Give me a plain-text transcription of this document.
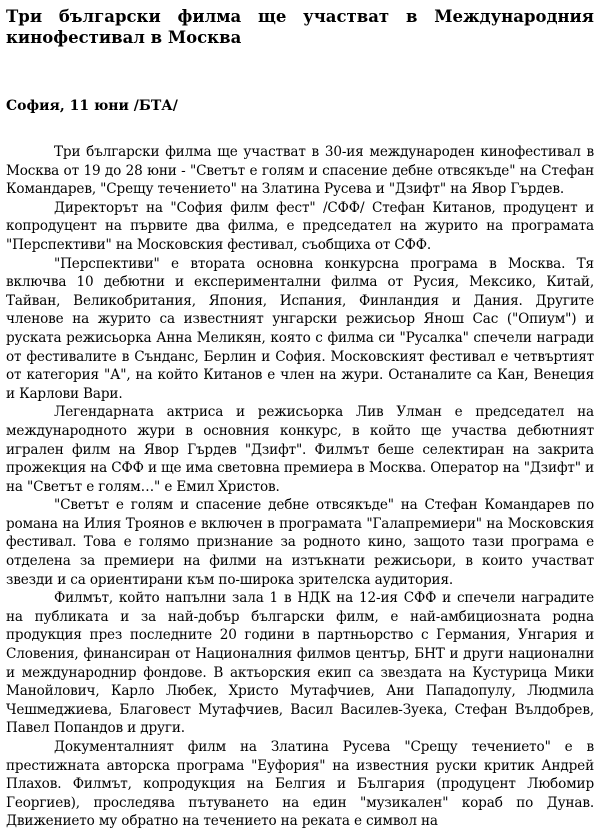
Три български филма ще участват в Международния кинофестивал в Москва
София, 11 юни /БТА/

Три български филма ще участват в 30-ия международен кинофестивал в Москва от 19 до 28 юни - "Светът е голям и спасение дебне отвсякъде" на Стефан Командарев, "Срещу течението" на Златина Русева и "Дзифт" на Явор Гърдев.

Директорът на "София филм фест" /СФФ/ Стефан Китанов, продуцент и копродуцент на първите два филма, е председател на журито на програмата "Перспективи" на Московския фестивал, съобщиха от СФФ.

"Перспективи" е втората основна конкурсна програма в Москва. Тя включва 10 дебютни и експериментални филма от Русия, Мексико, Китай, Тайван, Великобритания, Япония, Испания, Финландия и Дания. Другите членове на журито са известният унгарски режисьор Янош Сас ("Опиум") и руската режисьорка Анна Меликян, която с филма си "Русалка" спечели награди от фестивалите в Сънданс, Берлин и София. Московският фестивал е четвъртият от категория "А", на който Китанов е член на жури. Останалите са Кан, Венеция и Карлови Вари.

Легендарната актриса и режисьорка Лив Улман е председател на международното жури в основния конкурс, в който ще участва дебютният игрален филм на Явор Гърдев "Дзифт". Филмът беше селектиран на закрита прожекция на СФФ и ще има световна премиера в Москва. Оператор на "Дзифт" и на "Светът е голям…" е Емил Христов.

"Светът е голям и спасение дебне отвсякъде" на Стефан Командарев по романа на Илия Троянов е включен в програмата "Галапремиери" на Московския фестивал. Това е голямо признание за родното кино, защото тази програма е отделена за премиери на филми на изтъкнати режисьори, в които участват звезди и са ориентирани към по-широка зрителска аудитория.

Филмът, който напълни зала 1 в НДК на 12-ия СФФ и спечели наградите на публиката и за най-добър български филм, е най-амбициозната родна продукция през последните 20 години в партньорство с Германия, Унгария и Словения, финансиран от Националния филмов център, БНТ и други национални и международнир фондове. В актьорския екип са звездата на Кустурица Мики Манойлович, Карло Любек, Христо Мутафчиев, Ани Пападопулу, Людмила Чешмеджиева, Благовест Мутафчиев, Васил Василев-Зуека, Стефан Вълдобрев, Павел Попандов и други.

Документалният филм на Златина Русева "Срещу течението" е в престижната авторска програма "Еуфория" на известния руски критик Андрей Плахов. Филмът, копродукция на Белгия и България (продуцент Любомир Георгиев), проследява пътуването на един "музикален" кораб по Дунав. Движението му обратно на течението на реката е символ на
